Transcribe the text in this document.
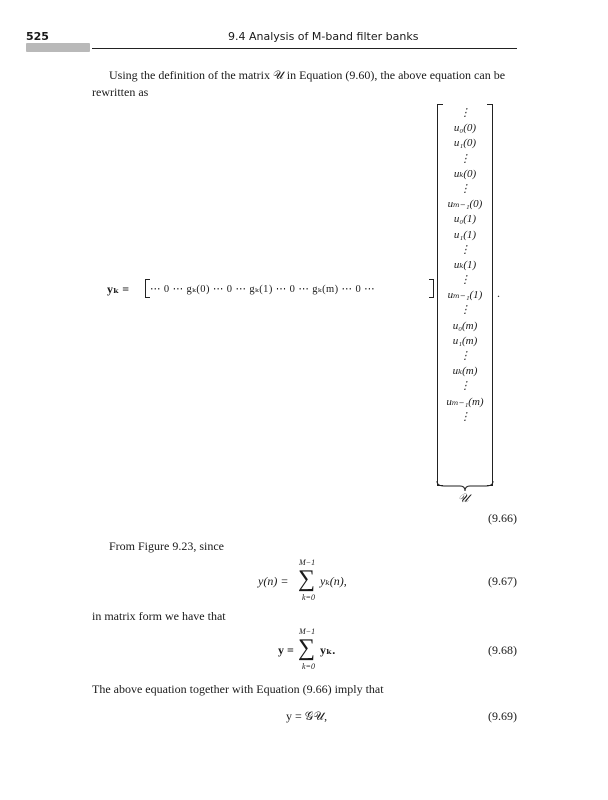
525	9.4 Analysis of M-band filter banks
Using the definition of the matrix 𝒰 in Equation (9.60), the above equation can be
rewritten as
yₖ = ⋯ 0 ⋯ gₖ(0) ⋯ 0 ⋯ gₖ(1) ⋯ 0 ⋯ gₖ(m) ⋯ 0 ⋯
⋮
u₀(0)
u₁(0)
⋮
uₖ(0)
⋮
uₘ₋₁(0)
u₀(1)
u₁(1)
⋮
uₖ(1)
⋮
uₘ₋₁(1)
⋮
u₀(m)
u₁(m)
⋮
uₖ(m)
⋮
uₘ₋₁(m)
⋮
.
𝒰
(9.66)
From Figure 9.23, since
y(n) =
M−1
∑
k=0
yₖ(n),	(9.67)
in matrix form we have that
y =
M−1
∑
k=0
yₖ.	(9.68)
The above equation together with Equation (9.66) imply that
y = 𝒢𝒰,	(9.69)
